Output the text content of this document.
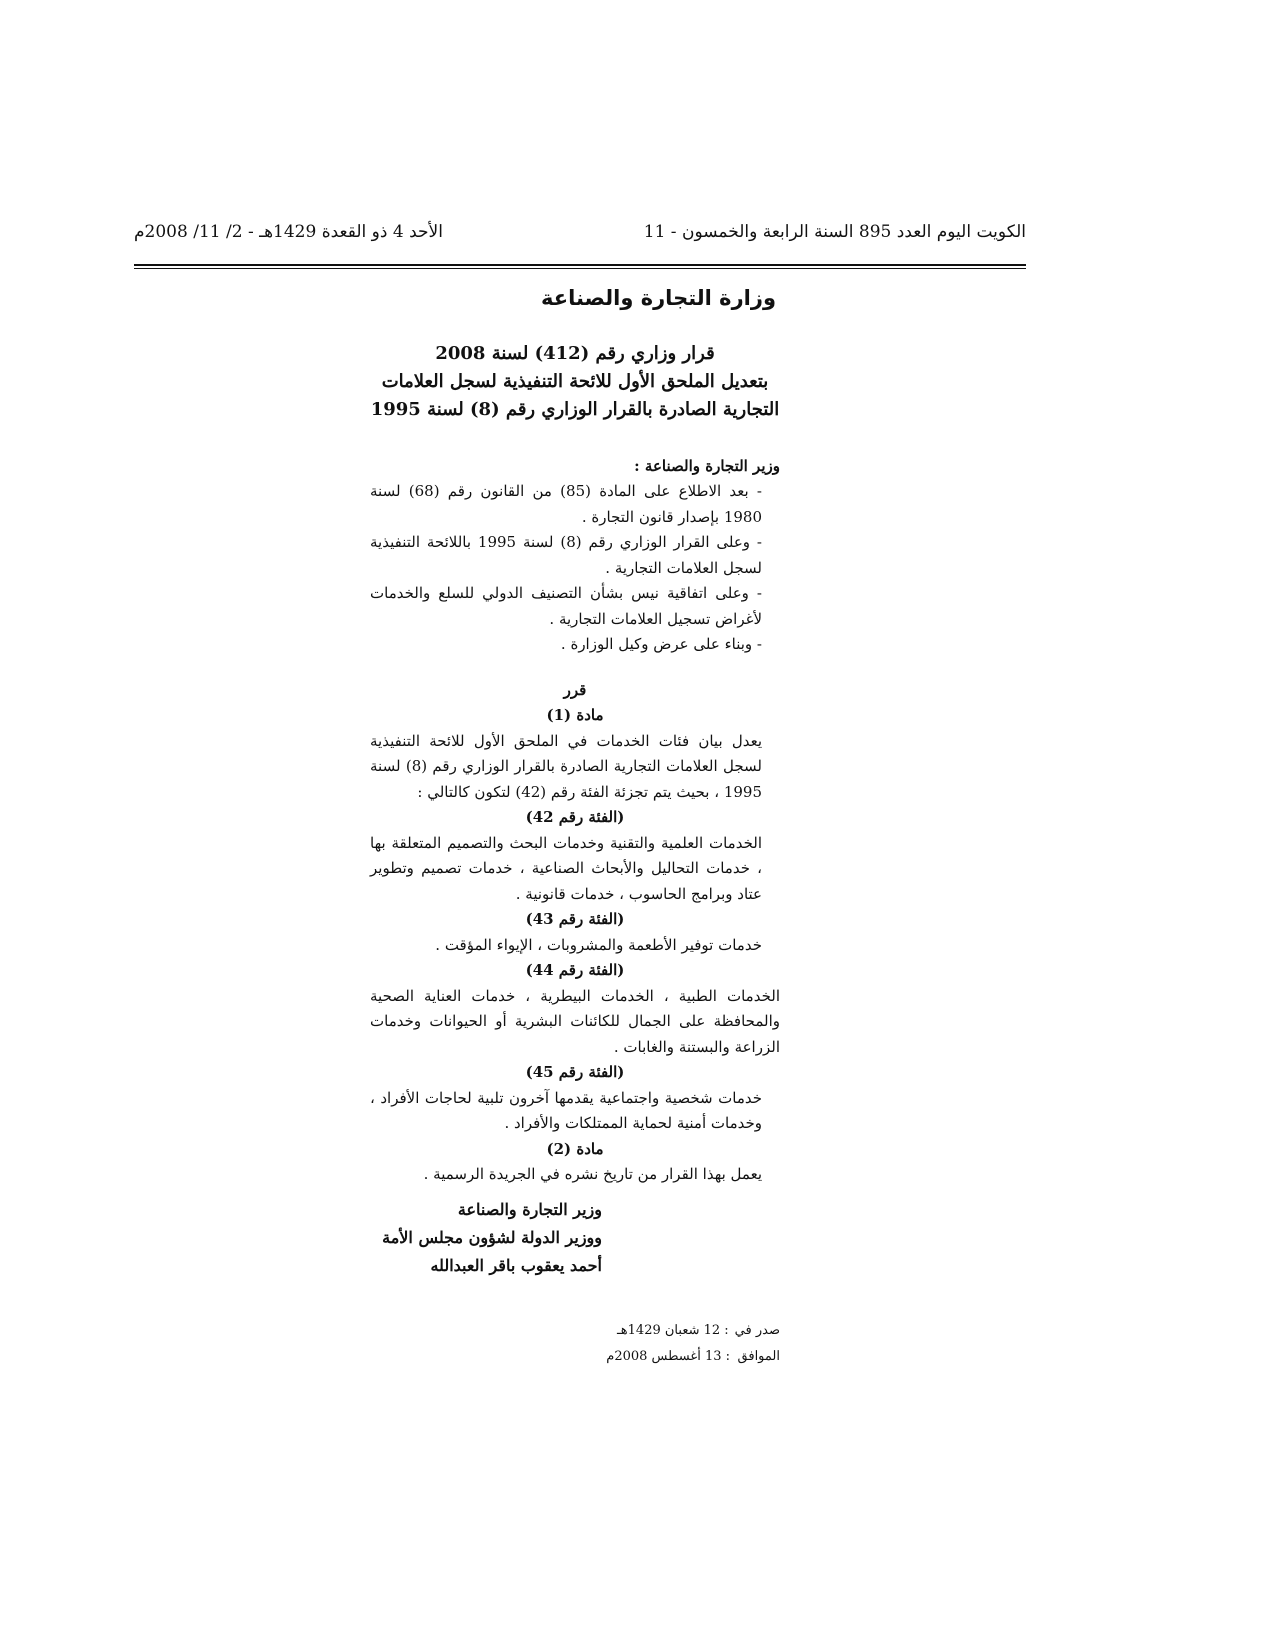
الكويت اليوم العدد 895 السنة الرابعة والخمسون - 11
الأحد 4 ذو القعدة 1429هـ - 2/ 11/ 2008م
وزارة التجارة والصناعة
قرار وزاري رقم (412) لسنة 2008
بتعديل الملحق الأول للائحة التنفيذية لسجل العلامات
التجارية الصادرة بالقرار الوزاري رقم (8) لسنة 1995

وزير التجارة والصناعة :

- بعد الاطلاع على المادة (85) من القانون رقم (68) لسنة 1980 بإصدار قانون التجارة .

- وعلى القرار الوزاري رقم (8) لسنة 1995 باللائحة التنفيذية لسجل العلامات التجارية .

- وعلى اتفاقية نيس بشأن التصنيف الدولي للسلع والخدمات لأغراض تسجيل العلامات التجارية .

- وبناء على عرض وكيل الوزارة .

قرر

مادة (1)

يعدل بيان فئات الخدمات في الملحق الأول للائحة التنفيذية لسجل العلامات التجارية الصادرة بالقرار الوزاري رقم (8) لسنة 1995 ، بحيث يتم تجزئة الفئة رقم (42) لتكون كالتالي :

(الفئة رقم 42)

الخدمات العلمية والتقنية وخدمات البحث والتصميم المتعلقة بها ، خدمات التحاليل والأبحاث الصناعية ، خدمات تصميم وتطوير عتاد وبرامج الحاسوب ، خدمات قانونية .

(الفئة رقم 43)

خدمات توفير الأطعمة والمشروبات ، الإيواء المؤقت .

(الفئة رقم 44)

الخدمات الطبية ، الخدمات البيطرية ، خدمات العناية الصحية والمحافظة على الجمال للكائنات البشرية أو الحيوانات وخدمات الزراعة والبستنة والغابات .

(الفئة رقم 45)

خدمات شخصية واجتماعية يقدمها آخرون تلبية لحاجات الأفراد ، وخدمات أمنية لحماية الممتلكات والأفراد .

مادة (2)

يعمل بهذا القرار من تاريخ نشره في الجريدة الرسمية .

وزير التجارة والصناعة
ووزير الدولة لشؤون مجلس الأمة
أحمد يعقوب باقر العبدالله
صدر في
: 12 شعبان 1429هـ
الموافق
: 13 أغسطس 2008م
